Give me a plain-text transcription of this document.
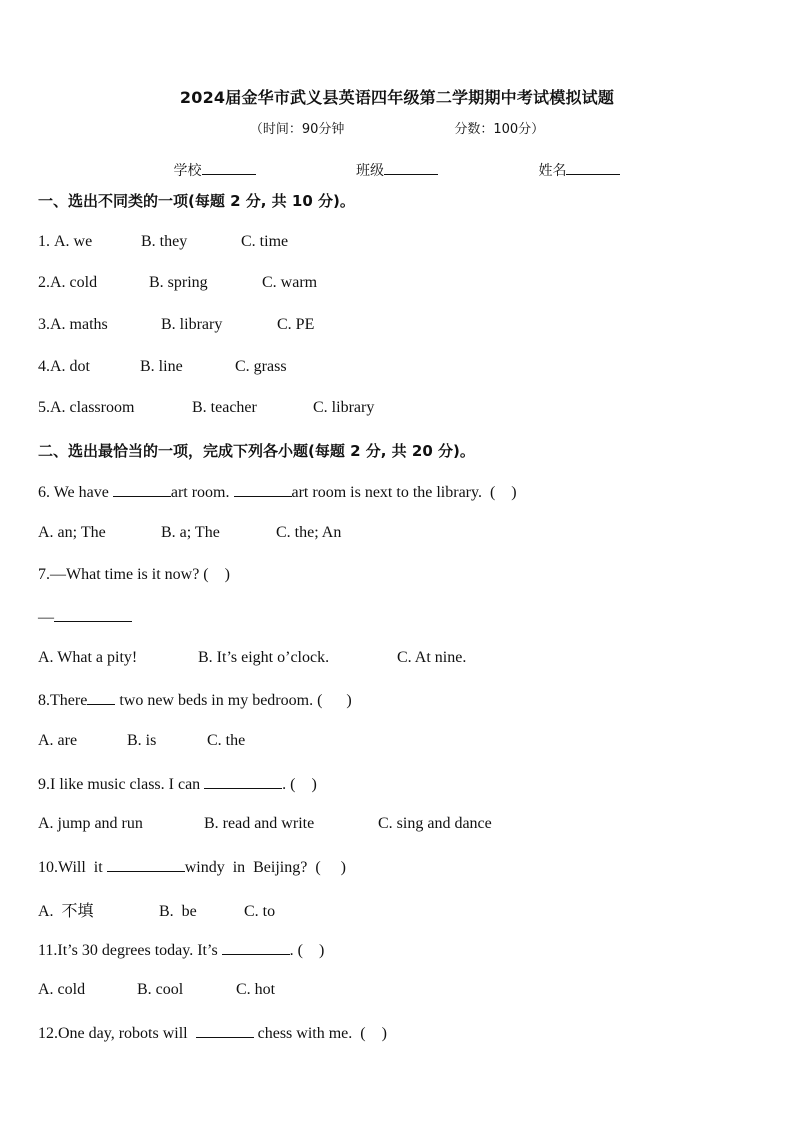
2024届金华市武义县英语四年级第二学期期中考试模拟试题
（时间：90分钟	分数：100分）
学校	班级	姓名
一、选出不同类的一项(每题 2 分, 共 10 分)。
1. A. we	B. they	C. time
2.A. cold	B. spring	C. warm
3.A. maths	B. library	C. PE
4.A. dot	B. line	C. grass
5.A. classroom	B. teacher	C. library
二、选出最恰当的一项，完成下列各小题(每题 2 分, 共 20 分)。
6. We have	art room.	art room is next to the library.  (    )
A. an; The	B. a; The	C. the; An
7.—What time is it now? (    )
—
A. What a pity!	B. It’s eight o’clock.	C. At nine.
8.There two new beds in my bedroom. (      )
A. are	B. is	C. the
9.I like music class. I can	. (    )
A. jump and run	B. read and write	C. sing and dance
10.Will  it	windy  in  Beijing?  (     )
A.  不填	B.  be	C. to
11.It’s 30 degrees today. It’s	. (    )
A. cold	B. cool	C. hot
12.One day, robots will	chess with me.  (    )
